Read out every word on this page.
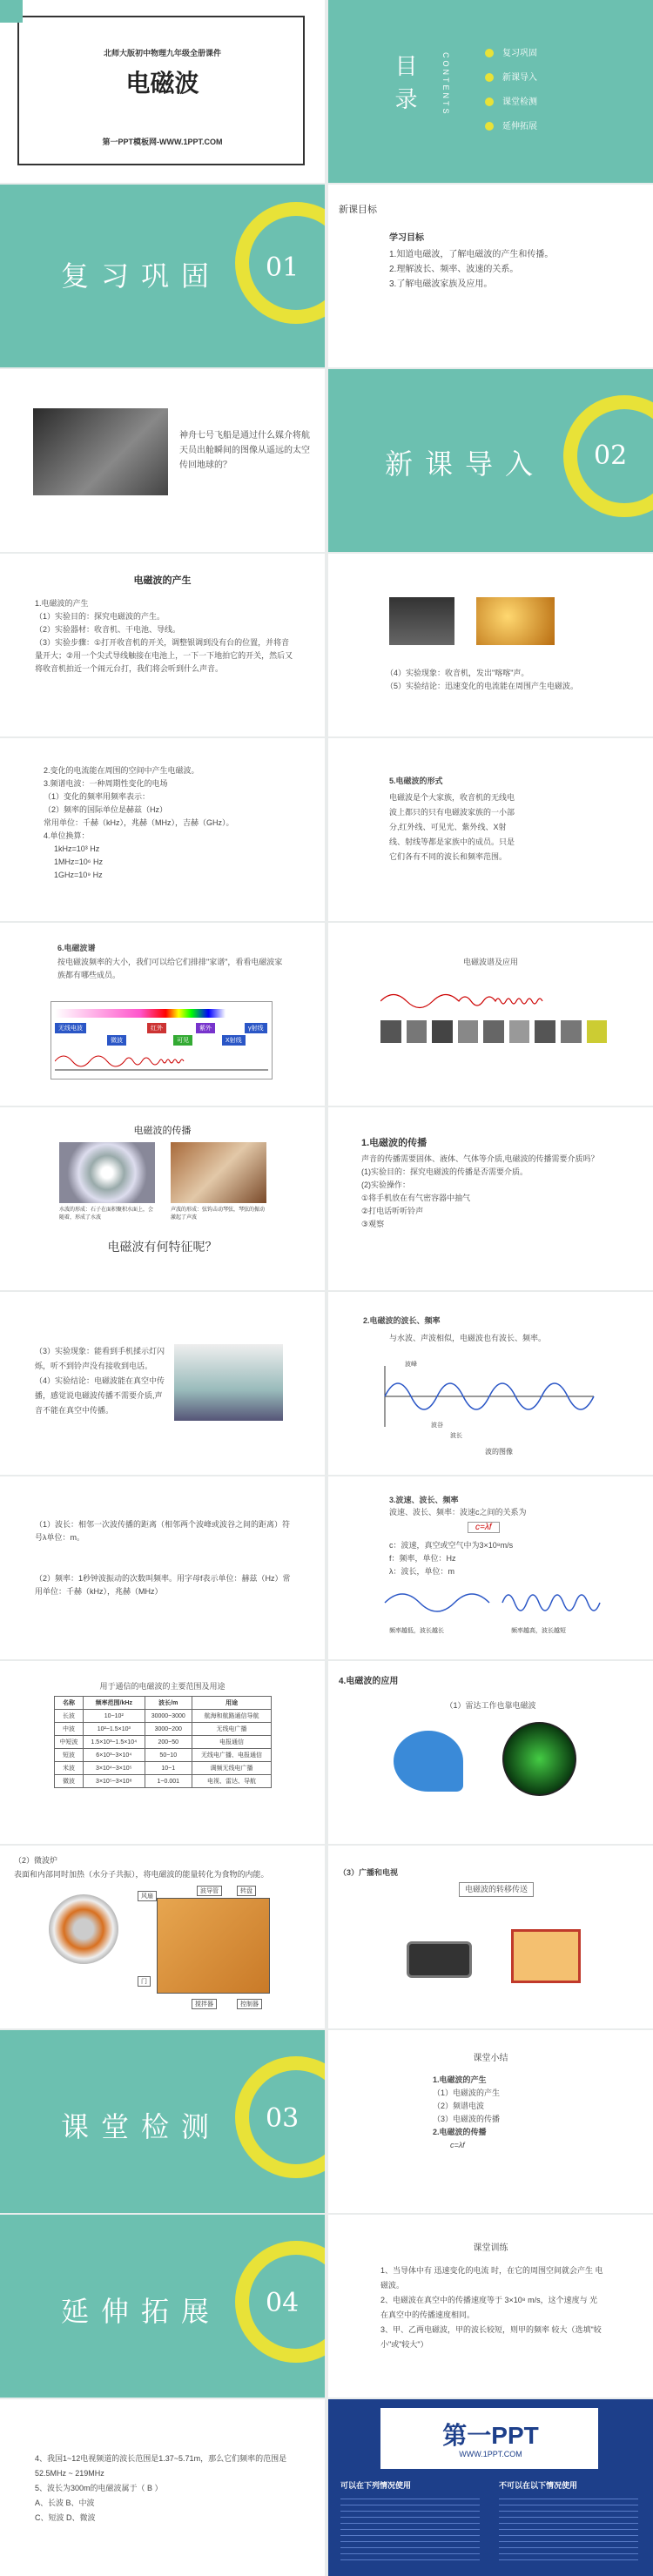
北师大版初中物理九年级全册课件
电磁波
第一PPT模板网-WWW.1PPT.COM
目录	CONTENTS	复习巩固
新课导入
课堂检测
延伸拓展
复习巩固 01
新课目标
学习目标
1.知道电磁波，了解电磁波的产生和传播。
2.理解波长、频率、波速的关系。
3.了解电磁波家族及应用。
神舟七号飞船是通过什么媒介将航天员出舱瞬间的图像从遥远的太空传回地球的？	新课导入 02
电磁波的产生
1.电磁波的产生
（1）实验目的：探究电磁波的产生。
（2）实验器材：收音机、干电池、导线。
（3）实验步骤：①打开收音机的开关，调整银调到没有台的位置，并将音量开大；②用一个尖式导线触接在电池上，一下一下地拍它的开关，然后又将收音机拍近一个闹元台打，我们将会听到什么声音。	（4）实验现象：收音机，发出"喀喀"声。
（5）实验结论：迅速变化的电流能在周围产生电磁波。
2.变化的电流能在周围的空间中产生电磁波。
3.频谱电波：一种周期性变化的电场
（1）变化的频率用频率表示：
（2）频率的国际单位是赫兹（Hz）
常用单位：千赫（kHz），兆赫（MHz），吉赫（GHz）。
4.单位换算：
1kHz=10³ Hz
1MHz=10⁶ Hz
1GHz=10⁹ Hz
5.电磁波的形式
电磁波是个大家族，收音机的无线电波上都只的只有电磁波家族的一小部分,红外线、可见光、紫外线、X射线、射线等都是家族中的成员。只是它们各有不同的波长和频率范围。
6.电磁波谱
按电磁波频率的大小，我们可以给它们排排"家谱"，看看电磁波家族都有哪些成员。
无线电波
微波
红外
可见
紫外
X射线
γ射线
电磁波谱及应用
电磁波的传播
水波的形成：石子在面积聚积水面上，会随着，形成了水波
声波的形成：弦钩击动琴弦，琴弦的振动激起了声波
电磁波有何特征呢？
1.电磁波的传播
声音的传播需要固体、液体、气体等介质,电磁波的传播需要介质吗？
(1)实验目的：探究电磁波的传播是否需要介质。
(2)实验操作：
①将手机放在有气密容器中抽气
②打电话听听铃声
③观察
（3）实验现象：能看到手机揉示灯闪烁，听不到铃声没有接收到电话。
（4）实验结论：电磁波能在真空中传播，感觉说电磁波传播不需要介质,声音不能在真空中传播。
2.电磁波的波长、频率
与水波、声波相似，电磁波也有波长、频率。
波峰
波谷
波长
波的图像
（1）波长：相邻一次波传播的距离（相邻两个波峰或波谷之间的距离）符号λ单位：m。
（2）频率：1秒钟波振动的次数叫频率。用字母f表示单位：赫兹（Hz）常用单位：千赫（kHz），兆赫（MHz）
3.波速、波长、频率
波速、波长、频率：波速c之间的关系为
c=λf
c：波速，真空或空气中为3×10⁸m/s
f：频率，单位：Hz
λ：波长，单位：m
频率越低，波长越长	频率越高，波长越短
用于通信的电磁波的主要范围及用途
名称	频率范围/kHz	波长/m	用途
长波	10~10²	30000~3000	航海和航路通信导航
中波	10²~1.5×10³	3000~200	无线电广播
中短波	1.5×10³~1.5×10⁴	200~50	电报通信
短波	6×10³~3×10⁴	50~10	无线电广播、电报通信
米波	3×10⁴~3×10⁵	10~1	调频无线电广播
微波	3×10⁵~3×10⁸	1~0.001	电视、雷达、导航
4.电磁波的应用
（1）雷达工作也靠电磁波
（2）微波炉
表面和内部同时加热（水分子共振），将电磁波的能量转化为食物的内能。
风扇
波导管	转盘
门
搅拌器	控制器
（3）广播和电视
电磁波的转移传送
课堂检测 03
课堂小结
1.电磁波的产生
（1）电磁波的产生
（2）频谱电波
（3）电磁波的传播
2.电磁波的传播
c=λf
延伸拓展 04
课堂训练
1、当导体中有 迅速变化的电流 时，在它的周围空间就会产生 电磁波。
2、电磁波在真空中的传播速度等于 3×10⁸ m/s，这个速度与 光 在真空中的传播速度相同。
3、甲、乙两电磁波，甲的波长较短，则甲的频率 较大（选填"较小"或"较大"）
4、我国1~12电视频道的波长范围是1.37~5.71m，那么它们频率的范围是 52.5MHz ~ 219MHz
5、波长为300m的电磁波属于（ B ）
A、长波 B、中波
C、短波 D、微波
第一PPT
WWW.1PPT.COM
可以在下列情况使用	不可以在以下情况使用
